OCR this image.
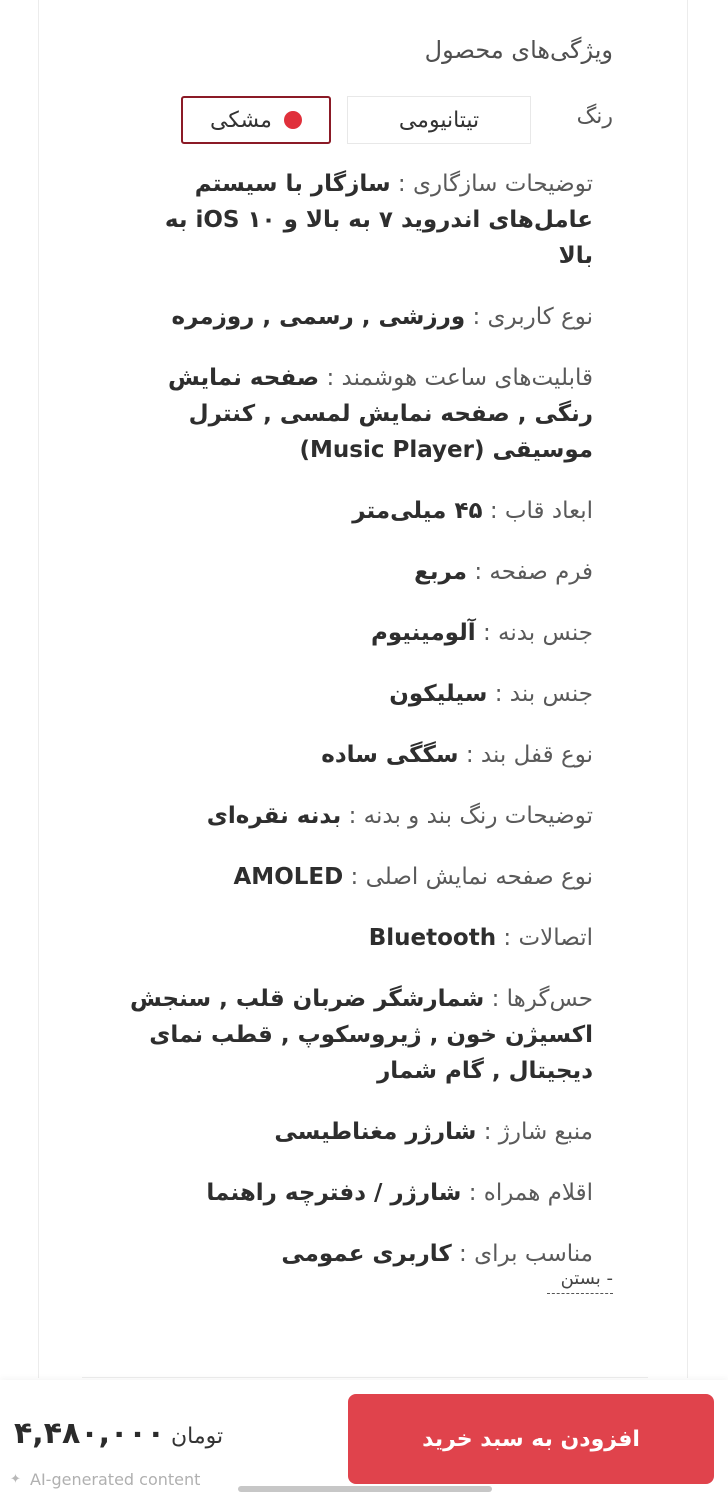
ویژگی‌های محصول
رنگ
تیتانیومی
مشکی
توضیحات سازگاری : سازگار با سیستم عامل‌های اندروید ۷ به بالا و iOS ۱۰ به بالا
نوع کاربری : ورزشی , رسمی , روزمره
قابلیت‌های ساعت هوشمند : صفحه نمایش رنگی , صفحه نمایش لمسی , کنترل موسیقی (Music Player)
ابعاد قاب : ۴۵ میلی‌متر
فرم صفحه : مربع
جنس بدنه : آلومینیوم
جنس بند : سیلیکون
نوع قفل بند : سگگی ساده
توضیحات رنگ بند و بدنه : بدنه نقره‌ای
نوع صفحه نمایش اصلی : AMOLED
اتصالات : Bluetooth
حس‌گرها : شمارشگر ضربان قلب , سنجش اکسیژن خون , ژیروسکوپ , قطب نمای دیجیتال , گام شمار
منبع شارژ : شارژر مغناطیسی
اقلام همراه : شارژر / دفترچه راهنما
مناسب برای : کاربری عمومی
- بستن
۴,۴۸۰,۰۰۰ تومان	افزودن به سبد خرید
✦ AI-generated content
